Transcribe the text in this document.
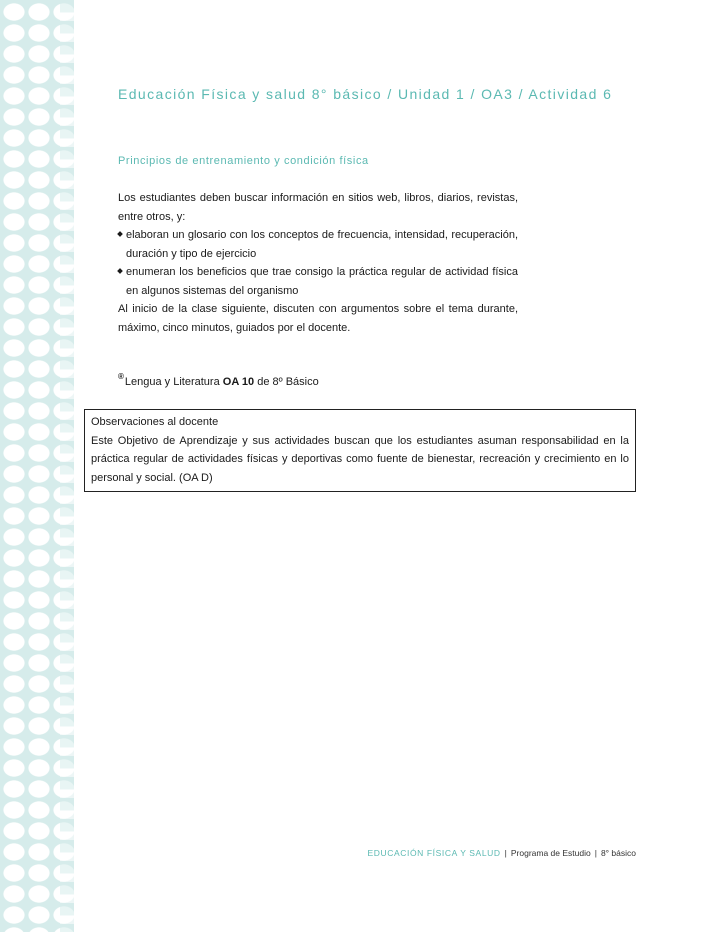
Educación Física y salud 8° básico / Unidad 1 / OA3 / Actividad 6
Principios de entrenamiento y condición física

Los estudiantes deben buscar información en sitios web, libros, diarios, revistas, entre otros, y:

elaboran un glosario con los conceptos de frecuencia, intensidad, recuperación, duración y tipo de ejercicio
enumeran los beneficios que trae consigo la práctica regular de actividad física en algunos sistemas del organismo

Al inicio de la clase siguiente, discuten con argumentos sobre el tema durante, máximo, cinco minutos, guiados por el docente.

®Lengua y Literatura OA 10 de 8º Básico
Observaciones al docente
Este Objetivo de Aprendizaje y sus actividades buscan que los estudiantes asuman responsabilidad en la práctica regular de actividades físicas y deportivas como fuente de bienestar, recreación y crecimiento en lo personal y social. (OA D)
EDUCACIÓN FÍSICA Y SALUD | Programa de Estudio | 8° básico
